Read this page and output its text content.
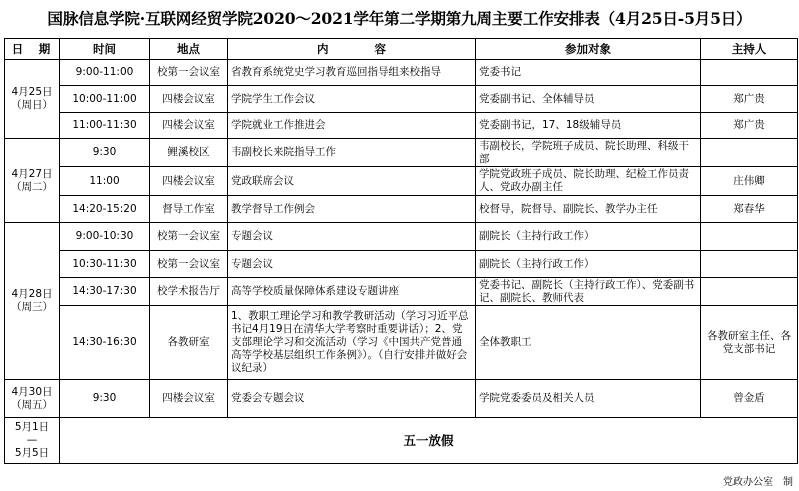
国脉信息学院·互联网经贸学院2020～2021学年第二学期第九周主要工作安排表（4月25日-5月5日）
日　期	时间	地点	内　　　　容	参加对象	主持人

4月25日
（周日）	9:00-11:00	校第一会议室	省教育系统党史学习教育巡回指导组来校指导	党委书记	
	10:00-11:00	四楼会议室	学院学生工作会议	党委副书记、全体辅导员	郑广贵
	11:00-11:30	四楼会议室	学院就业工作推进会	党委副书记，17、18级辅导员	郑广贵

4月27日
（周二）	9:30	鲤溪校区	韦副校长来院指导工作	韦副校长，学院班子成员、院长助理、科级干部	
	11:00	四楼会议室	党政联席会议	学院党政班子成员、院长助理、纪检工作员责人、党政办副主任	庄伟卿
	14:20-15:20	督导工作室	教学督导工作例会	校督导，院督导、副院长、教学办主任	郑春华

4月28日
（周三）	9:00-10:30	校第一会议室	专题会议	副院长（主持行政工作）	
	10:30-11:30	校第一会议室	专题会议	副院长（主持行政工作）	
	14:30-17:30	校学术报告厅	高等学校质量保障体系建设专题讲座	党委书记、副院长（主持行政工作）、党委副书记、副院长、教师代表	
	14:30-16:30	各教研室	1、教职工理论学习和教学教研活动（学习习近平总书记4月19日在清华大学考察时重要讲话）；2、党支部理论学习和交流活动（学习《中国共产党普通高等学校基层组织工作条例》）。（自行安排并做好会议纪录）	全体教职工	各教研室主任、各党支部书记

4月30日
（周五）	9:30	四楼会议室	党委会专题会议	学院党委委员及相关人员	曾金盾

5月1日
—
5月5日	五一放假				
党政办公室　制
